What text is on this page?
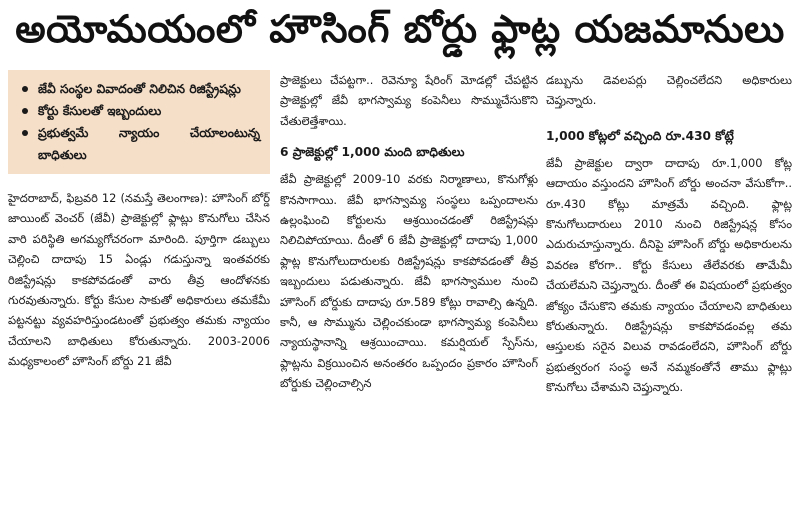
అయోమయంలో హౌసింగ్ బోర్డు ఫ్లాట్ల యజమానులు
జేవీ సంస్థల వివాదంతో నిలిచిన రిజిస్ట్రేషన్లు
కోర్టు కేసులతో ఇబ్బందులు
ప్రభుత్వమే న్యాయం చేయాలంటున్న బాధితులు

హైదరాబాద్, ఫిబ్రవరి 12 (నమస్తే తెలంగాణ): హౌసింగ్ బోర్డ్ జాయింట్ వెంచర్ (జేవీ) ప్రాజెక్టుల్లో ఫ్లాట్లు కొనుగోలు చేసిన వారి పరిస్థితి అగమ్యగోచరంగా మారింది. పూర్తిగా డబ్బులు చెల్లించి దాదాపు 15 ఏండ్లు గడుస్తున్నా ఇంతవరకు రిజిస్ట్రేషన్లు కాకపోవడంతో వారు తీవ్ర ఆందోళనకు గురవుతున్నారు. కోర్టు కేసుల సాకుతో అధికారులు తమకేమీ పట్టనట్టు వ్యవహరిస్తుండటంతో ప్రభుత్వం తమకు న్యాయం చేయాలని బాధితులు కోరుతున్నారు. 2003-2006 మధ్యకాలంలో హౌసింగ్ బోర్డు 21 జేవీ

ప్రాజెక్టులు చేపట్టగా.. రెవెన్యూ షేరింగ్ మోడల్లో చేపట్టిన ప్రాజెక్టుల్లో జేవీ భాగస్వామ్య కంపెనీలు సొమ్ముచేసుకొని చేతులెత్తేశాయి.

6 ప్రాజెక్టుల్లో 1,000 మంది బాధితులు

జేవీ ప్రాజెక్టుల్లో 2009-10 వరకు నిర్మాణాలు, కొనుగోళ్లు కొనసాగాయి. జేవీ భాగస్వామ్య సంస్థలు ఒప్పందాలను ఉల్లంఘించి కోర్టులను ఆశ్రయించడంతో రిజిస్ట్రేషన్లు నిలిచిపోయాయి. దీంతో 6 జేవీ ప్రాజెక్టుల్లో దాదాపు 1,000 ఫ్లాట్ల కొనుగోలుదారులకు రిజిస్ట్రేషన్లు కాకపోవడంతో తీవ్ర ఇబ్బందులు పడుతున్నారు. జేవీ భాగస్వాముల నుంచి హౌసింగ్ బోర్డుకు దాదాపు రూ.589 కోట్లు రావాల్సి ఉన్నది. కానీ, ఆ సొమ్మును చెల్లించకుండా భాగస్వామ్య కంపెనీలు న్యాయస్థానాన్ని ఆశ్రయించాయి. కమర్షియల్ స్పేస్‌ను, ఫ్లాట్లను విక్రయించిన అనంతరం ఒప్పందం ప్రకారం హౌసింగ్ బోర్డుకు చెల్లించాల్సిన

డబ్బును డెవలపర్లు చెల్లించలేదని అధికారులు చెప్తున్నారు.

1,000 కోట్లలో వచ్చింది రూ.430 కోట్లే

జేవీ ప్రాజెక్టుల ద్వారా దాదాపు రూ.1,000 కోట్ల ఆదాయం వస్తుందని హౌసింగ్ బోర్డు అంచనా వేసుకోగా.. రూ.430 కోట్లు మాత్రమే వచ్చింది. ఫ్లాట్ల కొనుగోలుదారులు 2010 నుంచి రిజిస్ట్రేషన్ల కోసం ఎదురుచూస్తున్నారు. దీనిపై హౌసింగ్ బోర్డు అధికారులను వివరణ కోరగా.. కోర్టు కేసులు తేలేవరకు తామేమీ చేయలేమని చెప్తున్నారు. దీంతో ఈ విషయంలో ప్రభుత్వం జోక్యం చేసుకొని తమకు న్యాయం చేయాలని బాధితులు కోరుతున్నారు. రిజిస్ట్రేషన్లు కాకపోవడంవల్ల తమ ఆస్తులకు సరైన విలువ రావడంలేదని, హౌసింగ్ బోర్డు ప్రభుత్వరంగ సంస్థ అనే నమ్మకంతోనే తాము ఫ్లాట్లు కొనుగోలు చేశామని చెప్తున్నారు.
